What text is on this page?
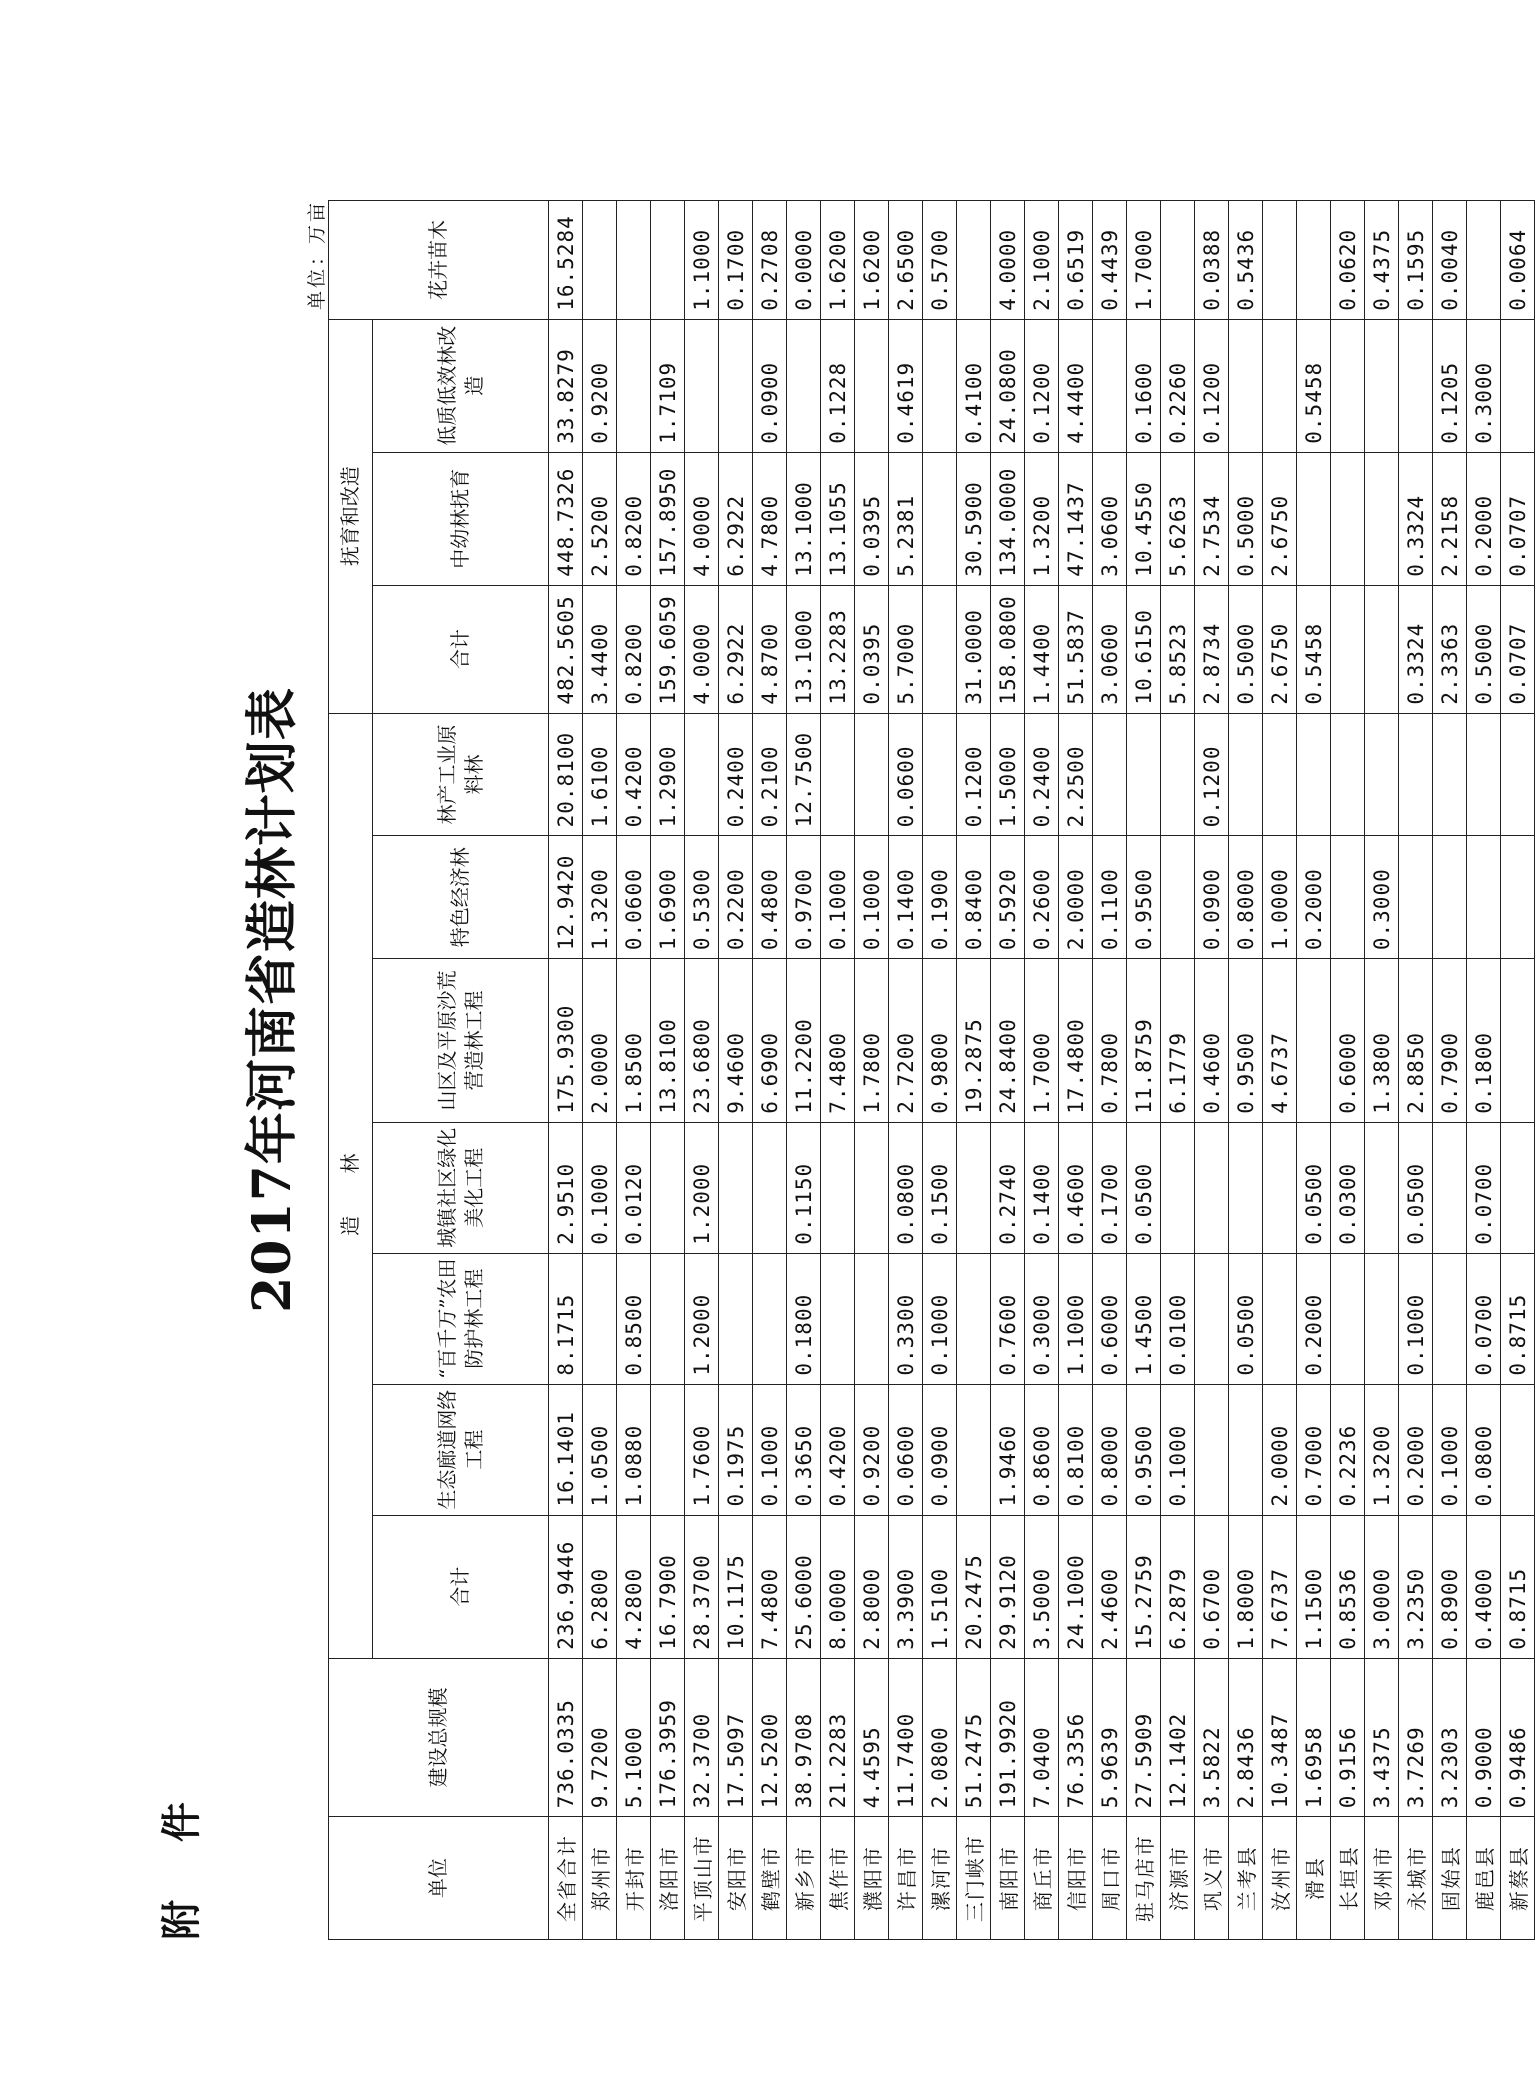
附 件
2017年河南省造林计划表
单位：万亩
单位	建设总规模	造 林							抚育和改造			花卉苗木
		合计	生态廊道网络工程	“百千万”农田防护林工程	城镇社区绿化美化工程	山区及平原沙荒营造林工程	特色经济林	林产工业原料林	合计	中幼林抚育	低质低效林改造	
全省合计	736.0335	236.9446	16.1401	8.1715	2.9510	175.9300	12.9420	20.8100	482.5605	448.7326	33.8279	16.5284
郑州市	9.7200	6.2800	1.0500		0.1000	2.0000	1.3200	1.6100	3.4400	2.5200	0.9200	
开封市	5.1000	4.2800	1.0880	0.8500	0.0120	1.8500	0.0600	0.4200	0.8200	0.8200		
洛阳市	176.3959	16.7900				13.8100	1.6900	1.2900	159.6059	157.8950	1.7109	
平顶山市	32.3700	28.3700	1.7600	1.2000	1.2000	23.6800	0.5300		4.0000	4.0000		1.1000
安阳市	17.5097	10.1175	0.1975			9.4600	0.2200	0.2400	6.2922	6.2922		0.1700
鹤壁市	12.5200	7.4800	0.1000			6.6900	0.4800	0.2100	4.8700	4.7800	0.0900	0.2708
新乡市	38.9708	25.6000	0.3650	0.1800	0.1150	11.2200	0.9700	12.7500	13.1000	13.1000		0.0000
焦作市	21.2283	8.0000	0.4200			7.4800	0.1000		13.2283	13.1055	0.1228	1.6200
濮阳市	4.4595	2.8000	0.9200			1.7800	0.1000		0.0395	0.0395		1.6200
许昌市	11.7400	3.3900	0.0600	0.3300	0.0800	2.7200	0.1400	0.0600	5.7000	5.2381	0.4619	2.6500
漯河市	2.0800	1.5100	0.0900	0.1000	0.1500	0.9800	0.1900					0.5700
三门峡市	51.2475	20.2475				19.2875	0.8400	0.1200	31.0000	30.5900	0.4100	
南阳市	191.9920	29.9120	1.9460	0.7600	0.2740	24.8400	0.5920	1.5000	158.0800	134.0000	24.0800	4.0000
商丘市	7.0400	3.5000	0.8600	0.3000	0.1400	1.7000	0.2600	0.2400	1.4400	1.3200	0.1200	2.1000
信阳市	76.3356	24.1000	0.8100	1.1000	0.4600	17.4800	2.0000	2.2500	51.5837	47.1437	4.4400	0.6519
周口市	5.9639	2.4600	0.8000	0.6000	0.1700	0.7800	0.1100		3.0600	3.0600		0.4439
驻马店市	27.5909	15.2759	0.9500	1.4500	0.0500	11.8759	0.9500		10.6150	10.4550	0.1600	1.7000
济源市	12.1402	6.2879	0.1000	0.0100		6.1779			5.8523	5.6263	0.2260	
巩义市	3.5822	0.6700				0.4600	0.0900	0.1200	2.8734	2.7534	0.1200	0.0388
兰考县	2.8436	1.8000		0.0500		0.9500	0.8000		0.5000	0.5000		0.5436
汝州市	10.3487	7.6737	2.0000			4.6737	1.0000		2.6750	2.6750		
滑县	1.6958	1.1500	0.7000	0.2000	0.0500		0.2000		0.5458		0.5458	
长垣县	0.9156	0.8536	0.2236		0.0300	0.6000						0.0620
邓州市	3.4375	3.0000	1.3200			1.3800	0.3000					0.4375
永城市	3.7269	3.2350	0.2000	0.1000	0.0500	2.8850			0.3324	0.3324		0.1595
固始县	3.2303	0.8900	0.1000			0.7900			2.3363	2.2158	0.1205	0.0040
鹿邑县	0.9000	0.4000	0.0800	0.0700	0.0700	0.1800			0.5000	0.2000	0.3000	
新蔡县	0.9486	0.8715		0.8715					0.0707	0.0707		0.0064
